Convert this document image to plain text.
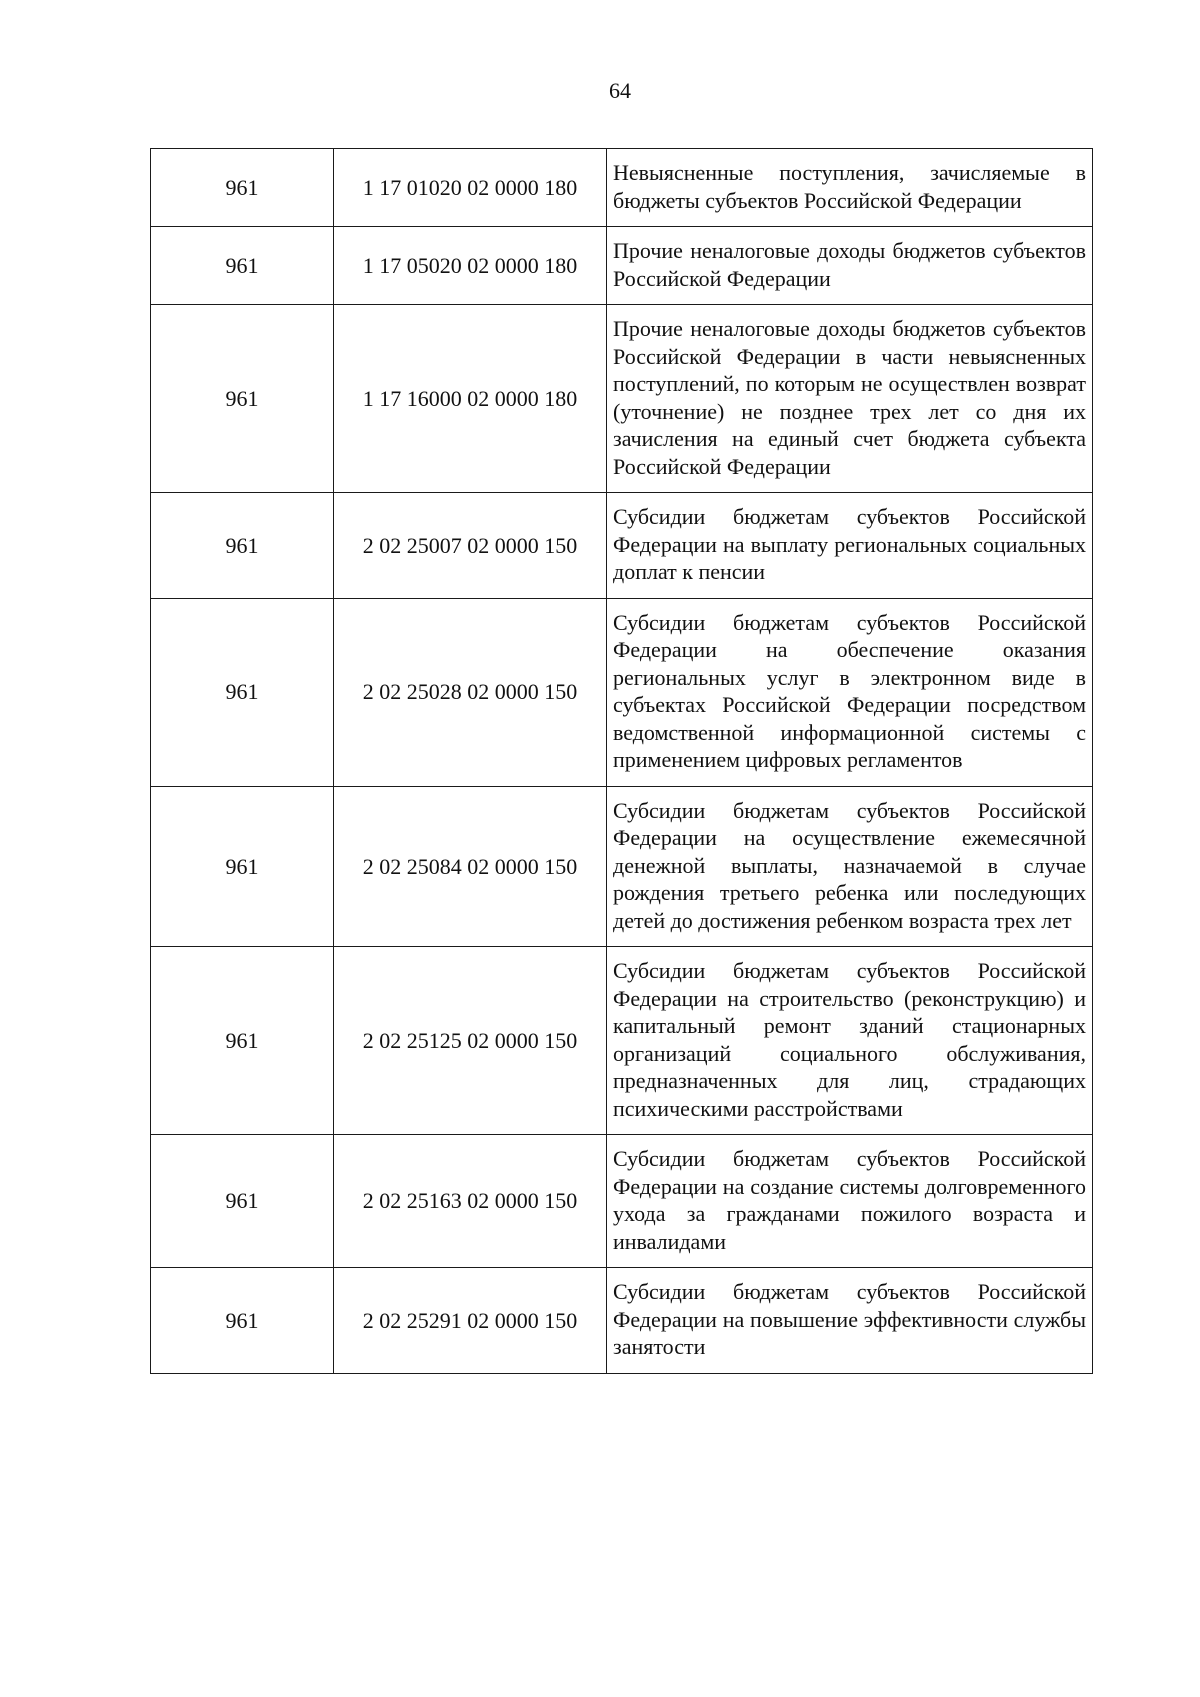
64
961	1 17 01020 02 0000 180	Невыясненные поступления, зачисляемые в бюджеты субъектов Российской Федерации
961	1 17 05020 02 0000 180	Прочие неналоговые доходы бюджетов субъектов Российской Федерации
961	1 17 16000 02 0000 180	Прочие неналоговые доходы бюджетов субъектов Российской Федерации в части невыясненных поступлений, по которым не осуществлен возврат (уточнение) не позднее трех лет со дня их зачисления на единый счет бюджета субъекта Российской Федерации
961	2 02 25007 02 0000 150	Субсидии бюджетам субъектов Российской Федерации на выплату региональных социальных доплат к пенсии
961	2 02 25028 02 0000 150	Субсидии бюджетам субъектов Российской Федерации на обеспечение оказания региональных услуг в электронном виде в субъектах Российской Федерации посредством ведомственной информационной системы с применением цифровых регламентов
961	2 02 25084 02 0000 150	Субсидии бюджетам субъектов Российской Федерации на осуществление ежемесячной денежной выплаты, назначаемой в случае рождения третьего ребенка или последующих детей до достижения ребенком возраста трех лет
961	2 02 25125 02 0000 150	Субсидии бюджетам субъектов Российской Федерации на строительство (реконструкцию) и капитальный ремонт зданий стационарных организаций социального обслуживания, предназначенных для лиц, страдающих психическими расстройствами
961	2 02 25163 02 0000 150	Субсидии бюджетам субъектов Российской Федерации на создание системы долговременного ухода за гражданами пожилого возраста и инвалидами
961	2 02 25291 02 0000 150	Субсидии бюджетам субъектов Российской Федерации на повышение эффективности службы занятости
